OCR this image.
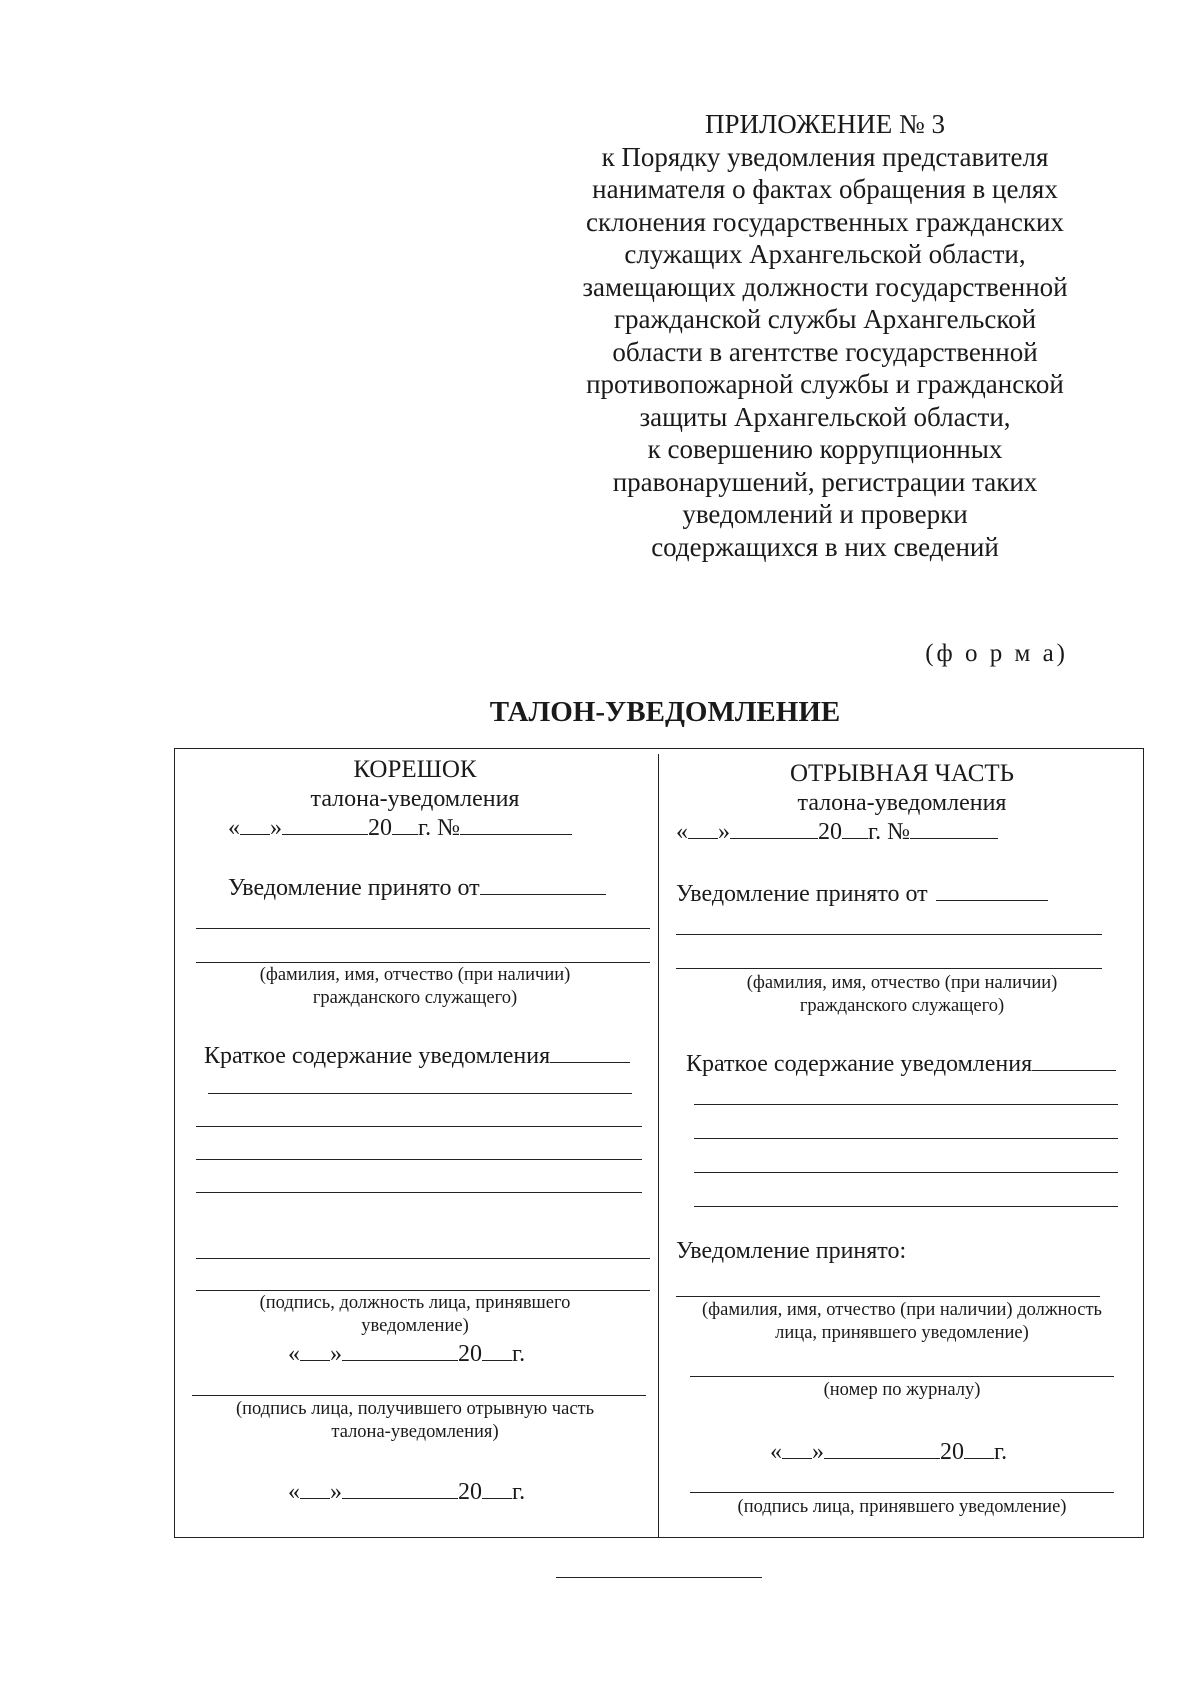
ПРИЛОЖЕНИЕ № 3
к Порядку уведомления представителя
нанимателя о фактах обращения в целях
склонения государственных гражданских
служащих Архангельской области,
замещающих должности государственной
гражданской службы Архангельской
области в агентстве государственной
противопожарной службы и гражданской
защиты Архангельской области,
к совершению коррупционных
правонарушений, регистрации таких
уведомлений и проверки
содержащихся в них сведений
(ф о р м а)
ТАЛОН-УВЕДОМЛЕНИЕ
КОРЕШОК
талона-уведомления
« »	20 г. №
Уведомление принято от
(фамилия, имя, отчество (при наличии)
гражданского служащего)
Краткое содержание уведомления
(подпись, должность лица, принявшего
уведомление)
« »	20 г.
(подпись лица, получившего отрывную часть
талона-уведомления)
« »	20 г.
ОТРЫВНАЯ ЧАСТЬ
талона-уведомления
« »	20 г. №
Уведомление принято от
(фамилия, имя, отчество (при наличии)
гражданского служащего)
Краткое содержание уведомления
Уведомление принято:
(фамилия, имя, отчество (при наличии) должность
лица, принявшего уведомление)
(номер по журналу)
« »	20 г.
(подпись лица, принявшего уведомление)
